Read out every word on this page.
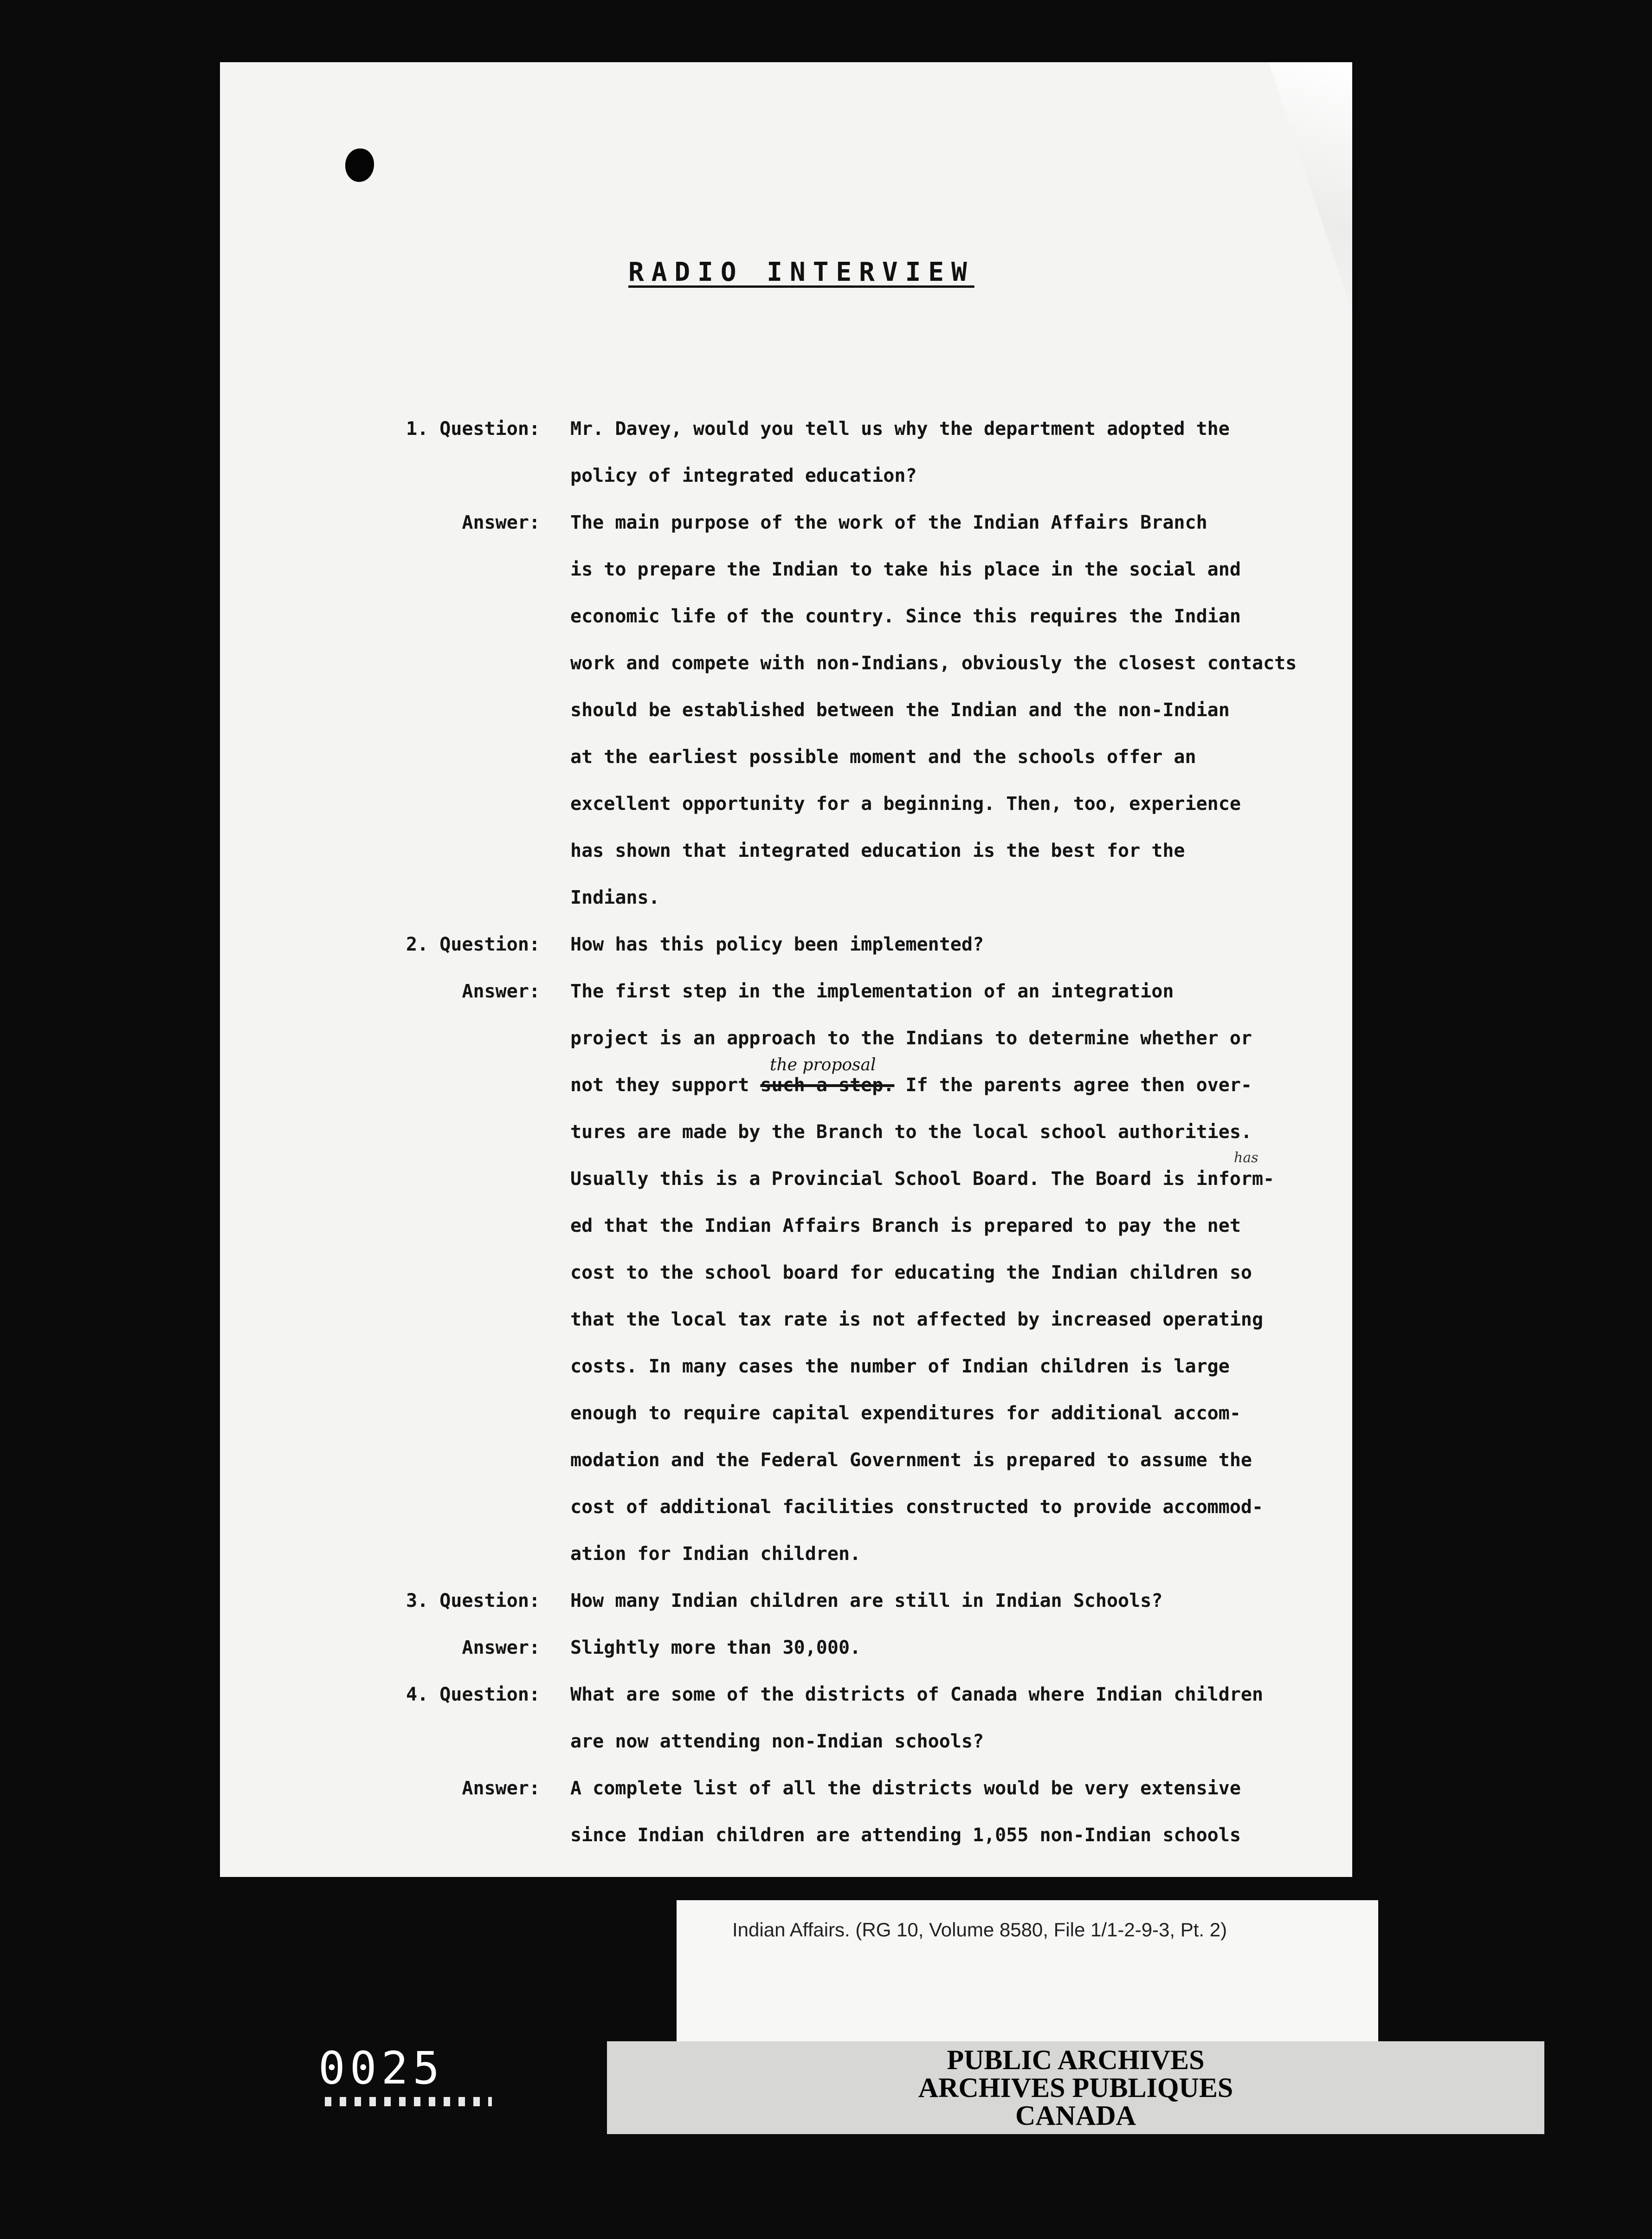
RADIO INTERVIEW
1. Question: Mr. Davey, would you tell us why the department adopted the
policy of integrated education?
Answer: The main purpose of the work of the Indian Affairs Branch
is to prepare the Indian to take his place in the social and
economic life of the country. Since this requires the Indian
work and compete with non-Indians, obviously the closest contacts
should be established between the Indian and the non-Indian
at the earliest possible moment and the schools offer an
excellent opportunity for a beginning. Then, too, experience
has shown that integrated education is the best for the
Indians.
2. Question: How has this policy been implemented?
Answer: The first step in the implementation of an integration
project is an approach to the Indians to determine whether or
not they support such a step. If the parents agree then over-
the proposal
tures are made by the Branch to the local school authorities.
Usually this is a Provincial School Board. The Board is inform-
has
ed that the Indian Affairs Branch is prepared to pay the net
cost to the school board for educating the Indian children so
that the local tax rate is not affected by increased operating
costs. In many cases the number of Indian children is large
enough to require capital expenditures for additional accom-
modation and the Federal Government is prepared to assume the
cost of additional facilities constructed to provide accommod-
ation for Indian children.
3. Question: How many Indian children are still in Indian Schools?
Answer: Slightly more than 30,000.
4. Question: What are some of the districts of Canada where Indian children
are now attending non-Indian schools?
Answer: A complete list of all the districts would be very extensive
since Indian children are attending 1,055 non-Indian schools
Indian Affairs. (RG 10, Volume 8580, File 1/1-2-9-3, Pt. 2)
PUBLIC ARCHIVES
ARCHIVES PUBLIQUES
CANADA
0025
